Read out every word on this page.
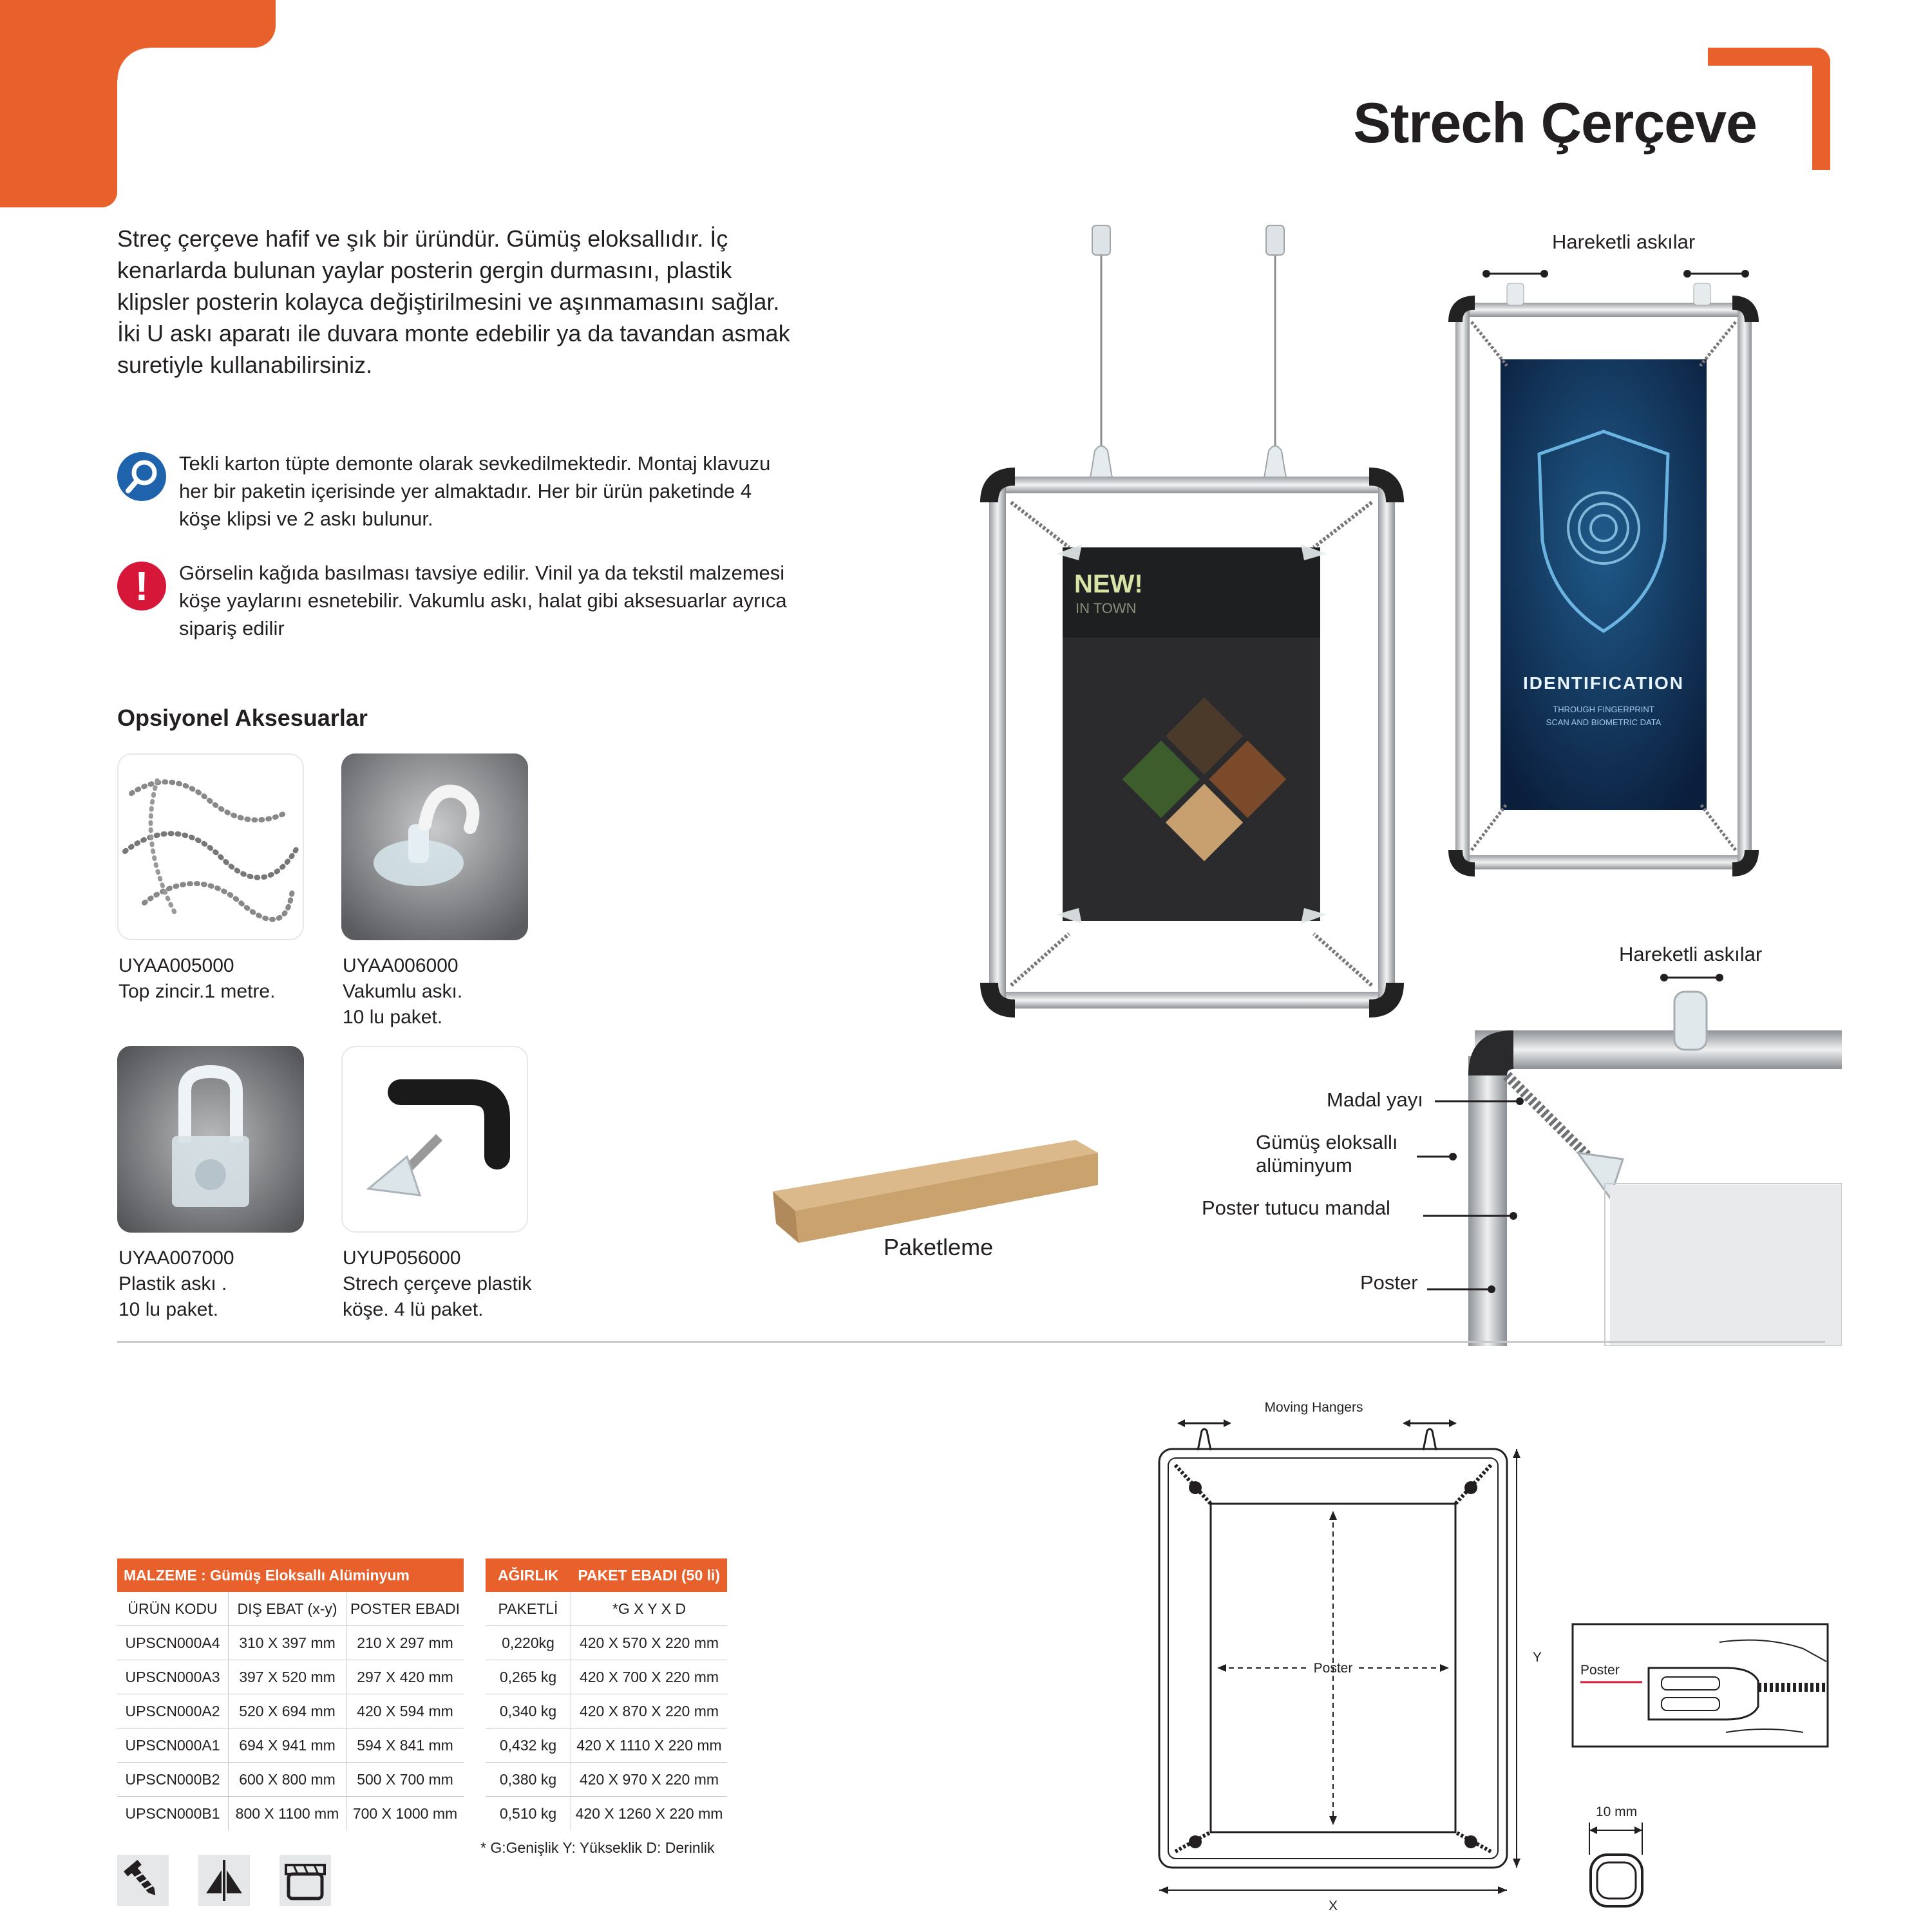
Strech Çerçeve
Streç çerçeve hafif ve şık bir üründür. Gümüş eloksallıdır. İç kenarlarda bulunan yaylar posterin gergin durmasını, plastik klipsler posterin kolayca değiştirilmesini ve aşınmamasını sağlar. İki U askı aparatı ile duvara monte edebilir ya da tavandan asmak suretiyle kullanabilirsiniz.
Tekli karton tüpte demonte olarak sevkedilmektedir. Montaj klavuzu her bir paketin içerisinde yer almaktadır. Her bir ürün paketinde 4 köşe klipsi ve 2 askı bulunur.
!	Görselin kağıda basılması tavsiye edilir. Vinil ya da tekstil malzemesi köşe yaylarını esnetebilir. Vakumlu askı, halat gibi aksesuarlar ayrıca sipariş edilir
Opsiyonel Aksesuarlar
UYAA005000
Top zincir.1 metre.
UYAA006000
Vakumlu askı.
10 lu paket.
UYAA007000
Plastik askı .
10 lu paket.
UYUP056000
Strech çerçeve plastik
köşe. 4 lü paket.
NEW!
IN TOWN
IDENTIFICATION
THROUGH FINGERPRINT
SCAN AND BIOMETRIC DATA
Hareketli askılar
Paketleme
Hareketli askılar
Madal yayı
Gümüş eloksallı
alüminyum
Poster tutucu mandal
Poster
MALZEME : Gümüş Eloksallı Alüminyum				AĞIRLIK	PAKET EBADI (50 li)
ÜRÜN KODU	DIŞ EBAT (x-y)	POSTER EBADI		PAKETLİ	*G X Y X D
UPSCN000A4	310 X 397 mm	210 X 297 mm		0,220kg	420 X 570 X 220 mm
UPSCN000A3	397 X 520 mm	297 X 420 mm		0,265 kg	420 X 700 X 220 mm
UPSCN000A2	520 X 694 mm	420 X 594 mm		0,340 kg	420 X 870 X 220 mm
UPSCN000A1	694 X 941 mm	594 X 841 mm		0,432 kg	420 X 1110 X 220 mm
UPSCN000B2	600 X 800 mm	500 X 700 mm		0,380 kg	420 X 970 X 220 mm
UPSCN000B1	800 X 1100 mm	700 X 1000 mm		0,510 kg	420 X 1260 X 220 mm
* G:Genişlik Y: Yükseklik D: Derinlik
Moving Hangers
Poster
Y
X
Poster
10 mm
